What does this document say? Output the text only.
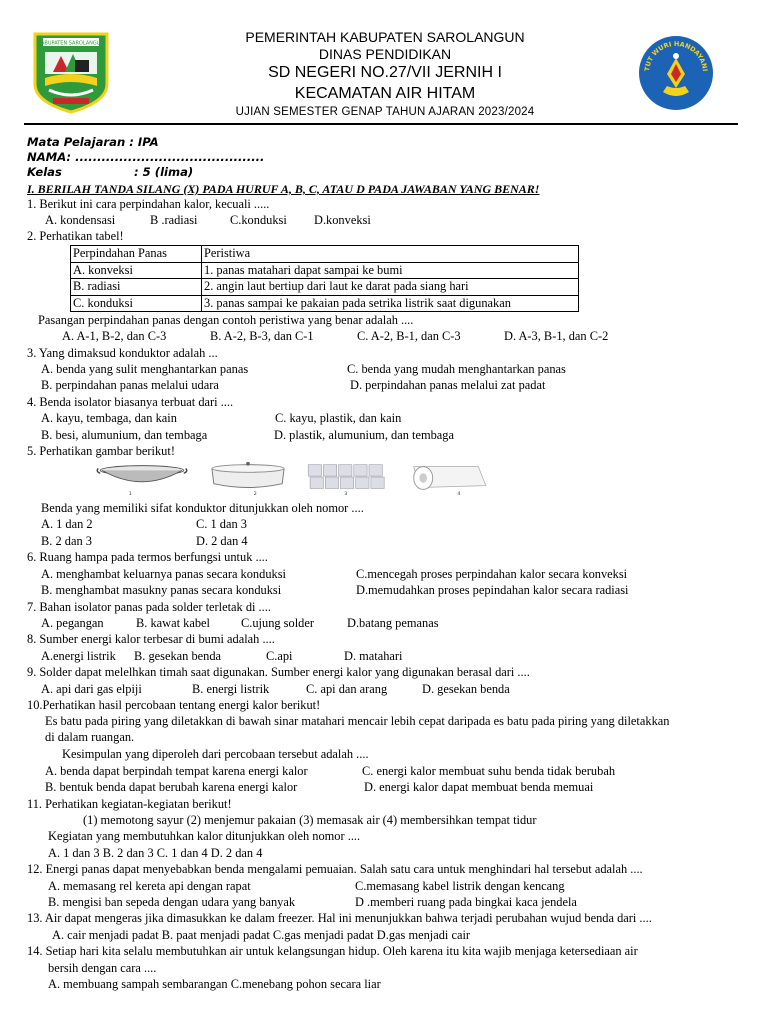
KABUPATEN SAROLANGUN
TUT WURI HANDAYANI
PEMERINTAH KABUPATEN SAROLANGUN
DINAS PENDIDIKAN
SD NEGERI NO.27/VII JERNIH I
KECAMATAN AIR HITAM
UJIAN SEMESTER GENAP TAHUN AJARAN 2023/2024
Mata Pelajaran : IPA
NAMA: ...........................................
Kelas	: 5 (lima)
I. BERILAH TANDA SILANG (X) PADA HURUF A, B, C, ATAU D PADA JAWABAN YANG BENAR!
1. Berikut ini cara perpindahan kalor, kecuali .....
A. kondensasi	B .radiasi	C.konduksi D.konveksi
2. Perhatikan tabel!
Perpindahan Panas	Peristiwa
A. konveksi	1. panas matahari dapat sampai ke bumi
B. radiasi	2. angin laut bertiup dari laut ke darat pada siang hari
C. konduksi	3. panas sampai ke pakaian pada setrika listrik saat digunakan
Pasangan perpindahan panas dengan contoh peristiwa yang benar adalah ....
A. A-1, B-2, dan C-3	B. A-2, B-3, dan C-1	C. A-2, B-1, dan C-3	D. A-3, B-1, dan C-2
3. Yang dimaksud konduktor adalah ...
A. benda yang sulit menghantarkan panas	C. benda yang mudah menghantarkan panas
B. perpindahan panas melalui udara	D. perpindahan panas melalui zat padat
4. Benda isolator biasanya terbuat dari ....
A. kayu, tembaga, dan kain	C. kayu, plastik, dan kain
B. besi, alumunium, dan tembaga	D. plastik, alumunium, dan tembaga
5. Perhatikan gambar berikut!
1	2	3	4
Benda yang memiliki sifat konduktor ditunjukkan oleh nomor ....
A. 1 dan 2	C. 1 dan 3
B. 2 dan 3	D. 2 dan 4
6. Ruang hampa pada termos berfungsi untuk ....
A. menghambat keluarnya panas secara konduksi	C.mencegah proses perpindahan kalor secara konveksi
B. menghambat masukny panas secara konduksi	D.memudahkan proses pepindahan kalor secara radiasi
7. Bahan isolator panas pada solder terletak di ....
A. pegangan	B. kawat kabel	C.ujung solder	D.batang pemanas
8. Sumber energi kalor terbesar di bumi adalah ....
A.energi listrik B. gesekan benda	C.api	D. matahari
9. Solder dapat melelhkan timah saat digunakan. Sumber energi kalor yang digunakan berasal dari ....
A. api dari gas elpiji	B. energi listrik	C. api dan arang	D. gesekan benda
10.Perhatikan hasil percobaan tentang energi kalor berikut!
Es batu pada piring yang diletakkan di bawah sinar matahari mencair lebih cepat daripada es batu pada piring yang diletakkan
di dalam ruangan.
Kesimpulan yang diperoleh dari percobaan tersebut adalah ....
A. benda dapat berpindah tempat karena energi kalor	C. energi kalor membuat suhu benda tidak berubah
B. bentuk benda dapat berubah karena energi kalor	D. energi kalor dapat membuat benda memuai
11. Perhatikan kegiatan-kegiatan berikut!
(1) memotong sayur (2) menjemur pakaian (3) memasak air (4) membersihkan tempat tidur
Kegiatan yang membutuhkan kalor ditunjukkan oleh nomor ....
A. 1 dan 3 B. 2 dan 3 C. 1 dan 4 D. 2 dan 4
12. Energi panas dapat menyebabkan benda mengalami pemuaian. Salah satu cara untuk menghindari hal tersebut adalah ....
A. memasang rel kereta api dengan rapat	C.memasang kabel listrik dengan kencang
B. mengisi ban sepeda dengan udara yang banyak	D .memberi ruang pada bingkai kaca jendela
13. Air dapat mengeras jika dimasukkan ke dalam freezer. Hal ini menunjukkan bahwa terjadi perubahan wujud benda dari ....
A. cair menjadi padat B. paat menjadi padat C.gas menjadi padat D.gas menjadi cair
14. Setiap hari kita selalu membutuhkan air untuk kelangsungan hidup. Oleh karena itu kita wajib menjaga ketersediaan air
bersih dengan cara ....
A. membuang sampah sembarangan C.menebang pohon secara liar
